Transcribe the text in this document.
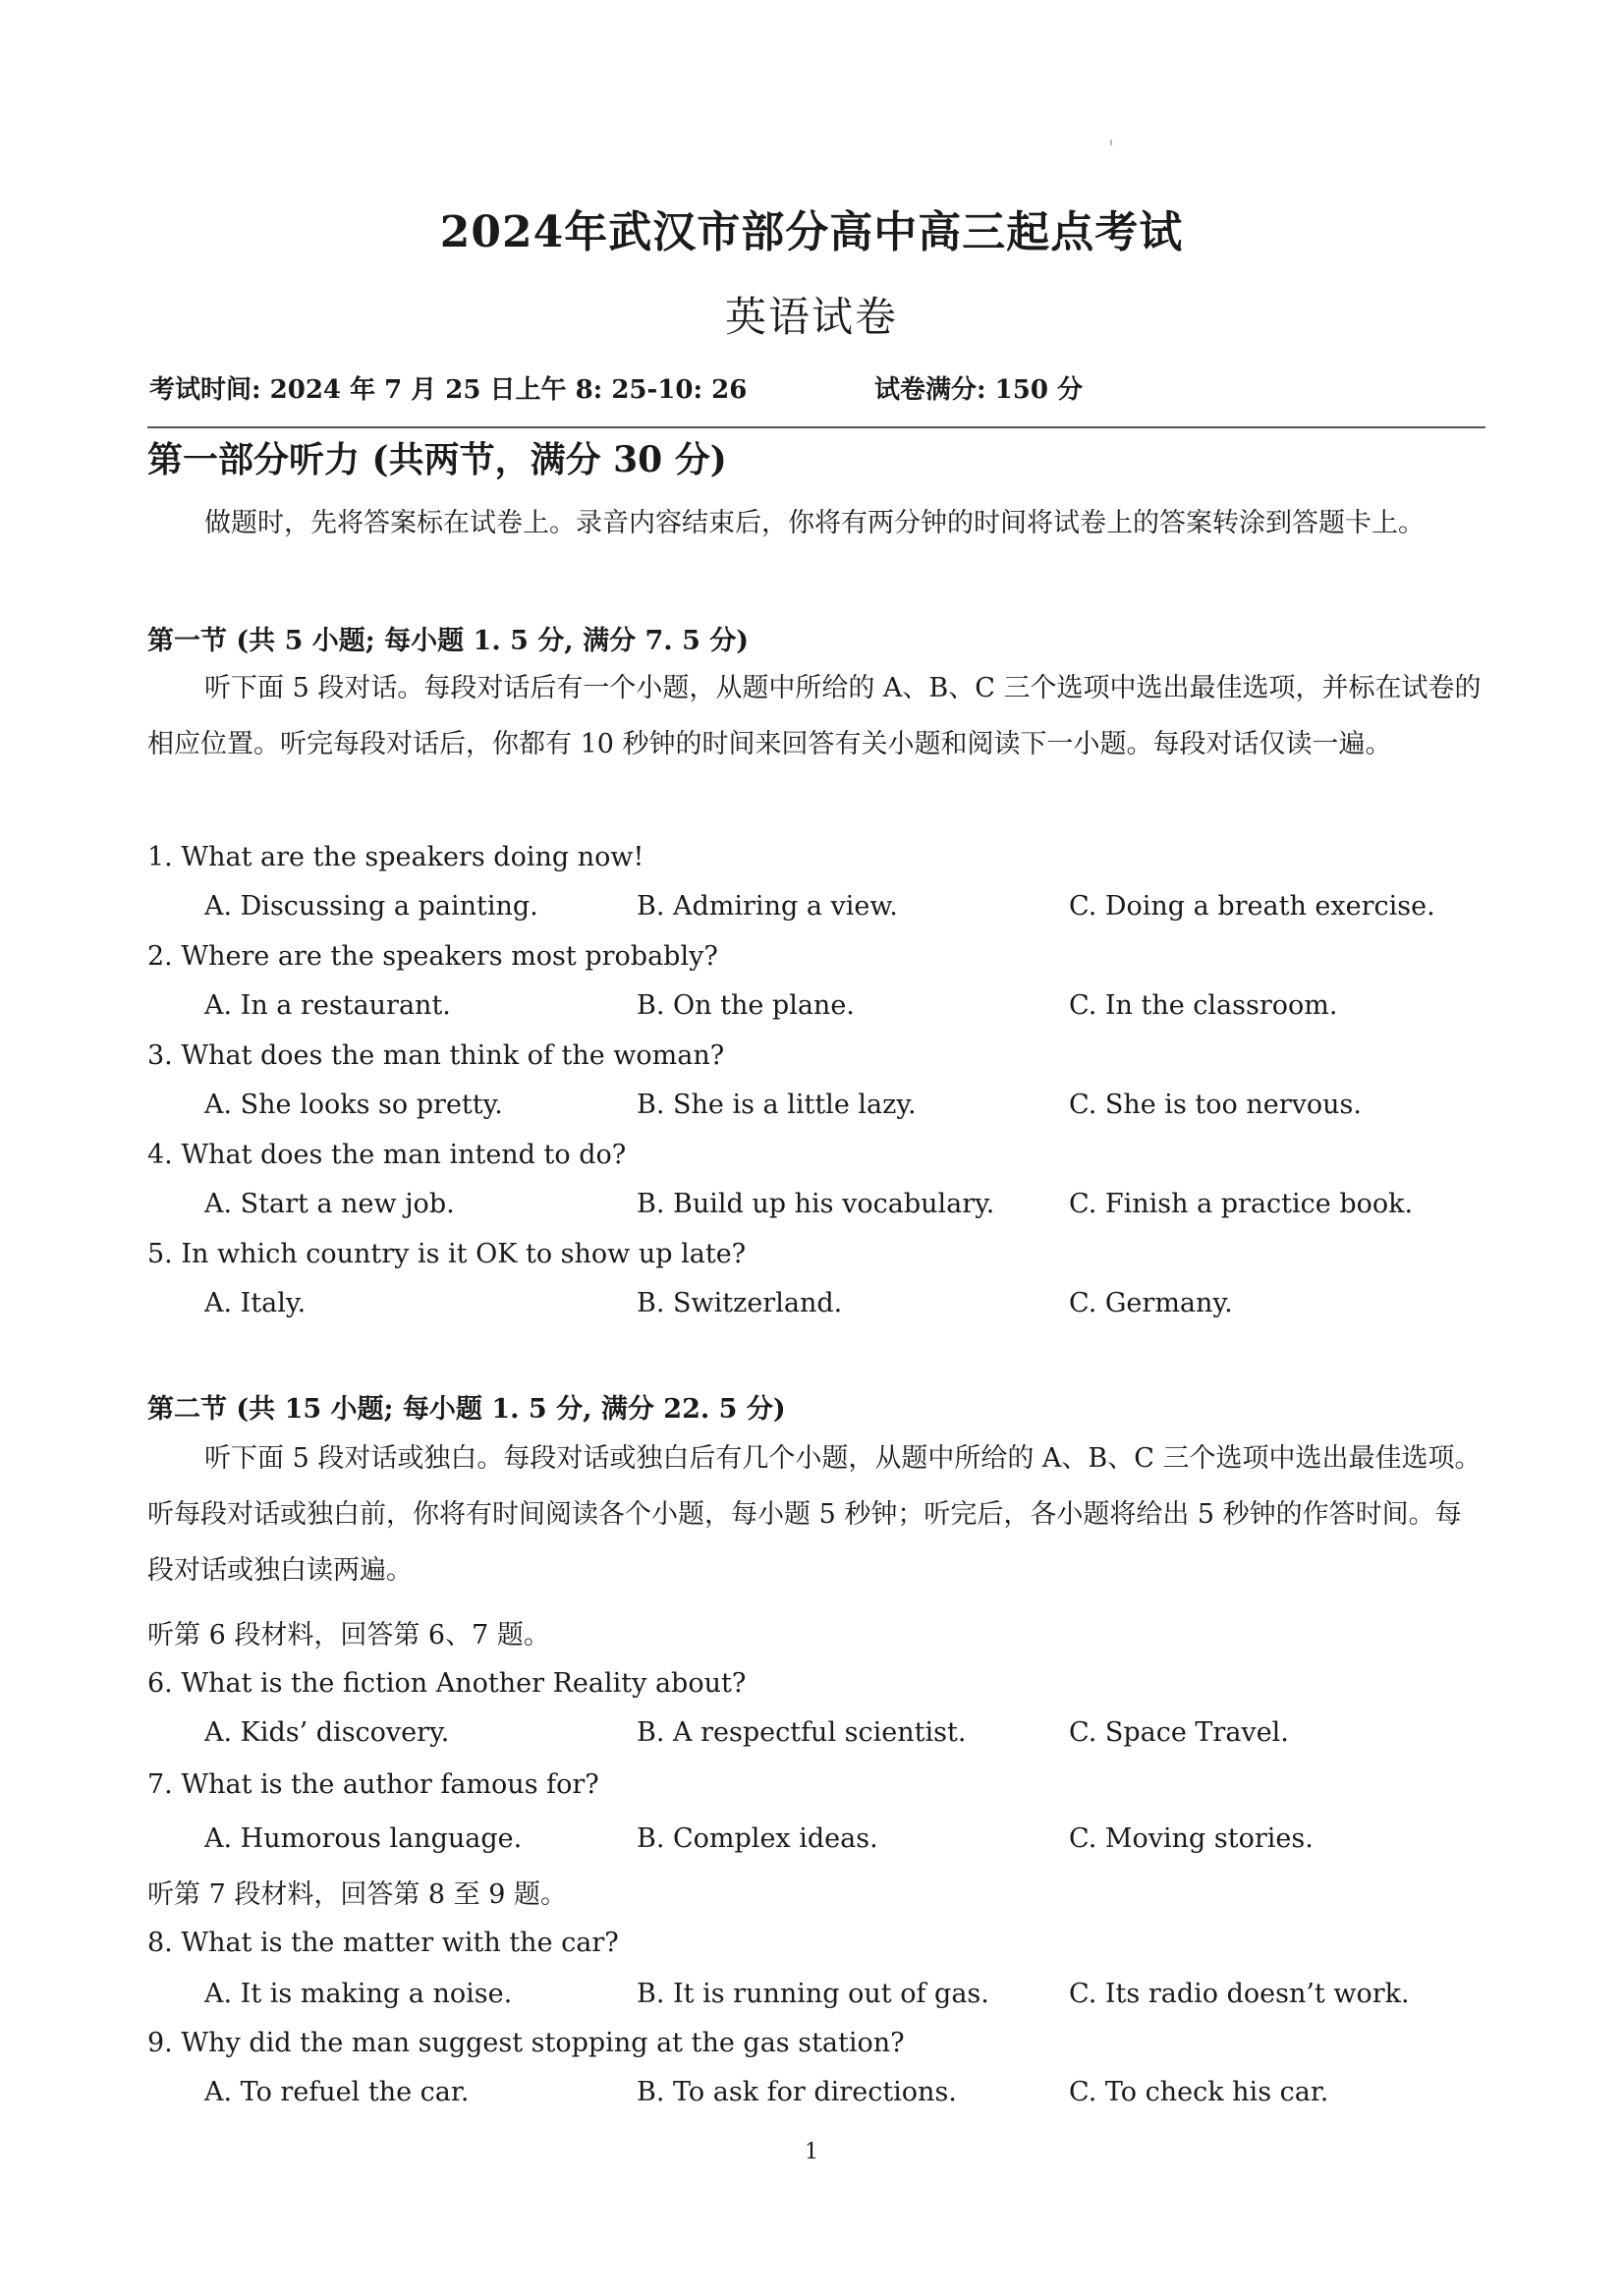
2024年武汉市部分高中高三起点考试
英语试卷
考试时间: 2024 年 7 月 25 日上午 8: 25-10: 26	试卷满分: 150 分
第一部分听力 (共两节，满分 30 分)
做题时，先将答案标在试卷上。录音内容结束后，你将有两分钟的时间将试卷上的答案转涂到答题卡上。
第一节 (共 5 小题; 每小题 1. 5 分, 满分 7. 5 分)
听下面 5 段对话。每段对话后有一个小题，从题中所给的 A、B、C 三个选项中选出最佳选项，并标在试卷的相应位置。听完每段对话后，你都有 10 秒钟的时间来回答有关小题和阅读下一小题。每段对话仅读一遍。
1. What are the speakers doing now!
A. Discussing a painting.	B. Admiring a view.	C. Doing a breath exercise.
2. Where are the speakers most probably?
A. In a restaurant.	B. On the plane.	C. In the classroom.
3. What does the man think of the woman?
A. She looks so pretty.	B. She is a little lazy.	C. She is too nervous.
4. What does the man intend to do?
A. Start a new job.	B. Build up his vocabulary.	C. Finish a practice book.
5. In which country is it OK to show up late?
A. Italy.	B. Switzerland.	C. Germany.
第二节 (共 15 小题; 每小题 1. 5 分, 满分 22. 5 分)
听下面 5 段对话或独白。每段对话或独白后有几个小题，从题中所给的 A、B、C 三个选项中选出最佳选项。听每段对话或独白前，你将有时间阅读各个小题，每小题 5 秒钟；听完后，各小题将给出 5 秒钟的作答时间。每段对话或独白读两遍。
听第 6 段材料，回答第 6、7 题。
6. What is the fiction Another Reality about?
A. Kids’ discovery.	B. A respectful scientist.	C. Space Travel.
7. What is the author famous for?
A. Humorous language.	B. Complex ideas.	C. Moving stories.
听第 7 段材料，回答第 8 至 9 题。
8. What is the matter with the car?
A. It is making a noise.	B. It is running out of gas.	C. Its radio doesn’t work.
9. Why did the man suggest stopping at the gas station?
A. To refuel the car.	B. To ask for directions.	C. To check his car.
1
